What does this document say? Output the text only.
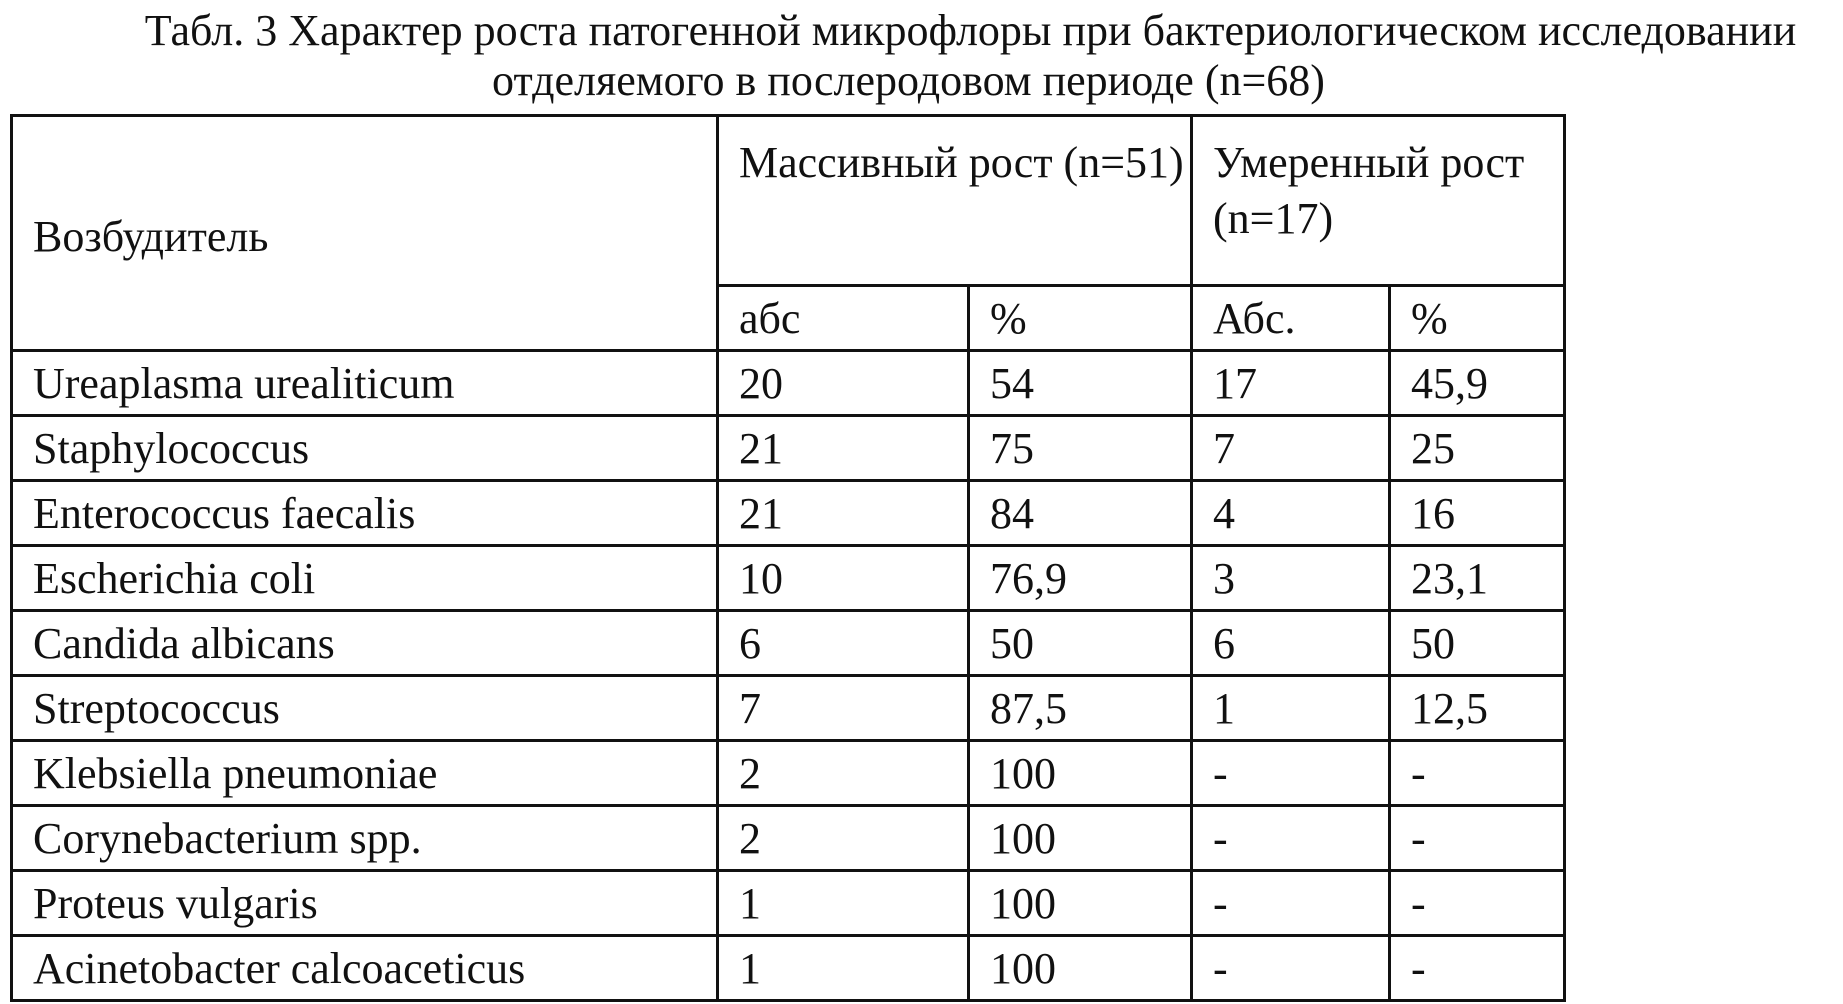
Табл. 3 Характер роста патогенной микрофлоры при бактериологическом исследовании
отделяемого в послеродовом периоде (n=68)
Возбудитель	Массивный рост (n=51)		Умеренный рост (n=17)	
	абс	%	Абс.	%
Ureaplasma urealiticum	20	54	17	45,9
Staphylococcus	21	75	7	25
Enterococcus faecalis	21	84	4	16
Escherichia coli	10	76,9	3	23,1
Candida albicans	6	50	6	50
Streptococcus	7	87,5	1	12,5
Klebsiella pneumoniae	2	100	-	-
Corynebacterium spp.	2	100	-	-
Proteus vulgaris	1	100	-	-
Acinetobacter calcoaceticus	1	100	-	-
